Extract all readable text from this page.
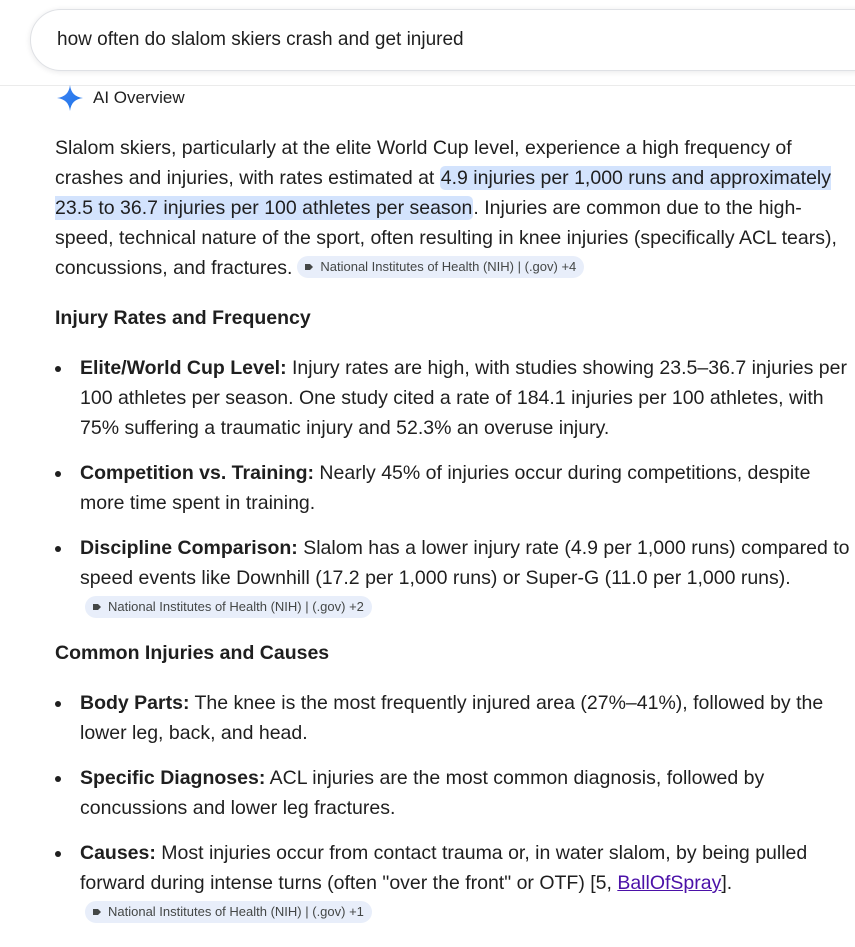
how often do slalom skiers crash and get injured
AI Overview

Slalom skiers, particularly at the elite World Cup level, experience a high frequency of crashes and injuries, with rates estimated at 4.9 injuries per 1,000 runs and approximately 23.5 to 36.7 injuries per 100 athletes per season. Injuries are common due to the high-speed, technical nature of the sport, often resulting in knee injuries (specifically ACL tears), concussions, and fractures. National Institutes of Health (NIH) | (.gov) +4

Injury Rates and Frequency
Elite/World Cup Level: Injury rates are high, with studies showing 23.5–36.7 injuries per 100 athletes per season. One study cited a rate of 184.1 injuries per 100 athletes, with 75% suffering a traumatic injury and 52.3% an overuse injury.
Competition vs. Training: Nearly 45% of injuries occur during competitions, despite more time spent in training.
Discipline Comparison: Slalom has a lower injury rate (4.9 per 1,000 runs) compared to speed events like Downhill (17.2 per 1,000 runs) or Super-G (11.0 per 1,000 runs).
National Institutes of Health (NIH) | (.gov) +2
Common Injuries and Causes
Body Parts: The knee is the most frequently injured area (27%–41%), followed by the lower leg, back, and head.
Specific Diagnoses: ACL injuries are the most common diagnosis, followed by concussions and lower leg fractures.
Causes: Most injuries occur from contact trauma or, in water slalom, by being pulled forward during intense turns (often "over the front" or OTF) [5, BallOfSpray].
National Institutes of Health (NIH) | (.gov) +1
